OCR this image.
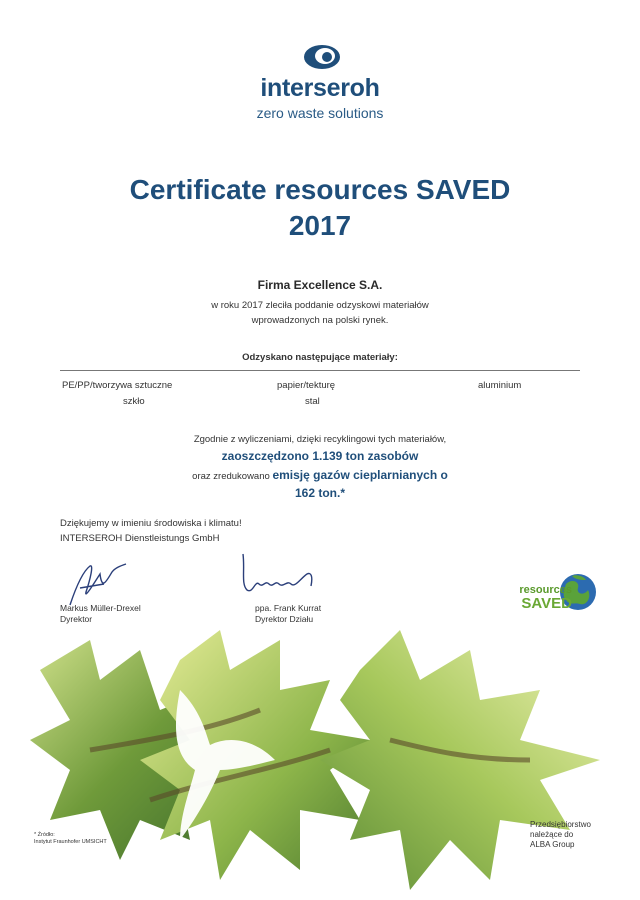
interseroh
zero waste solutions
Certificate resources SAVED
2017
Firma Excellence S.A.
w roku 2017 zleciła poddanie odzyskowi materiałów
wprowadzonych na polski rynek.
Odzyskano następujące materiały:
PE/PP/tworzywa sztuczne	papier/tekturę	aluminium
szkło	stal
Zgodnie z wyliczeniami, dzięki recyklingowi tych materiałów,
zaoszczędzono 1.139 ton zasobów
oraz zredukowano emisję gazów cieplarnianych o
162 ton.*
Dziękujemy w imieniu środowiska i klimatu!
INTERSEROH Dienstleistungs GmbH
Markus Müller-Drexel
Dyrektor
ppa. Frank Kurrat
Dyrektor Działu
resources
SAVED
* Źródło:
Instytut Fraunhofer UMSICHT
Przedsiębiorstwo
należące do
ALBA Group
